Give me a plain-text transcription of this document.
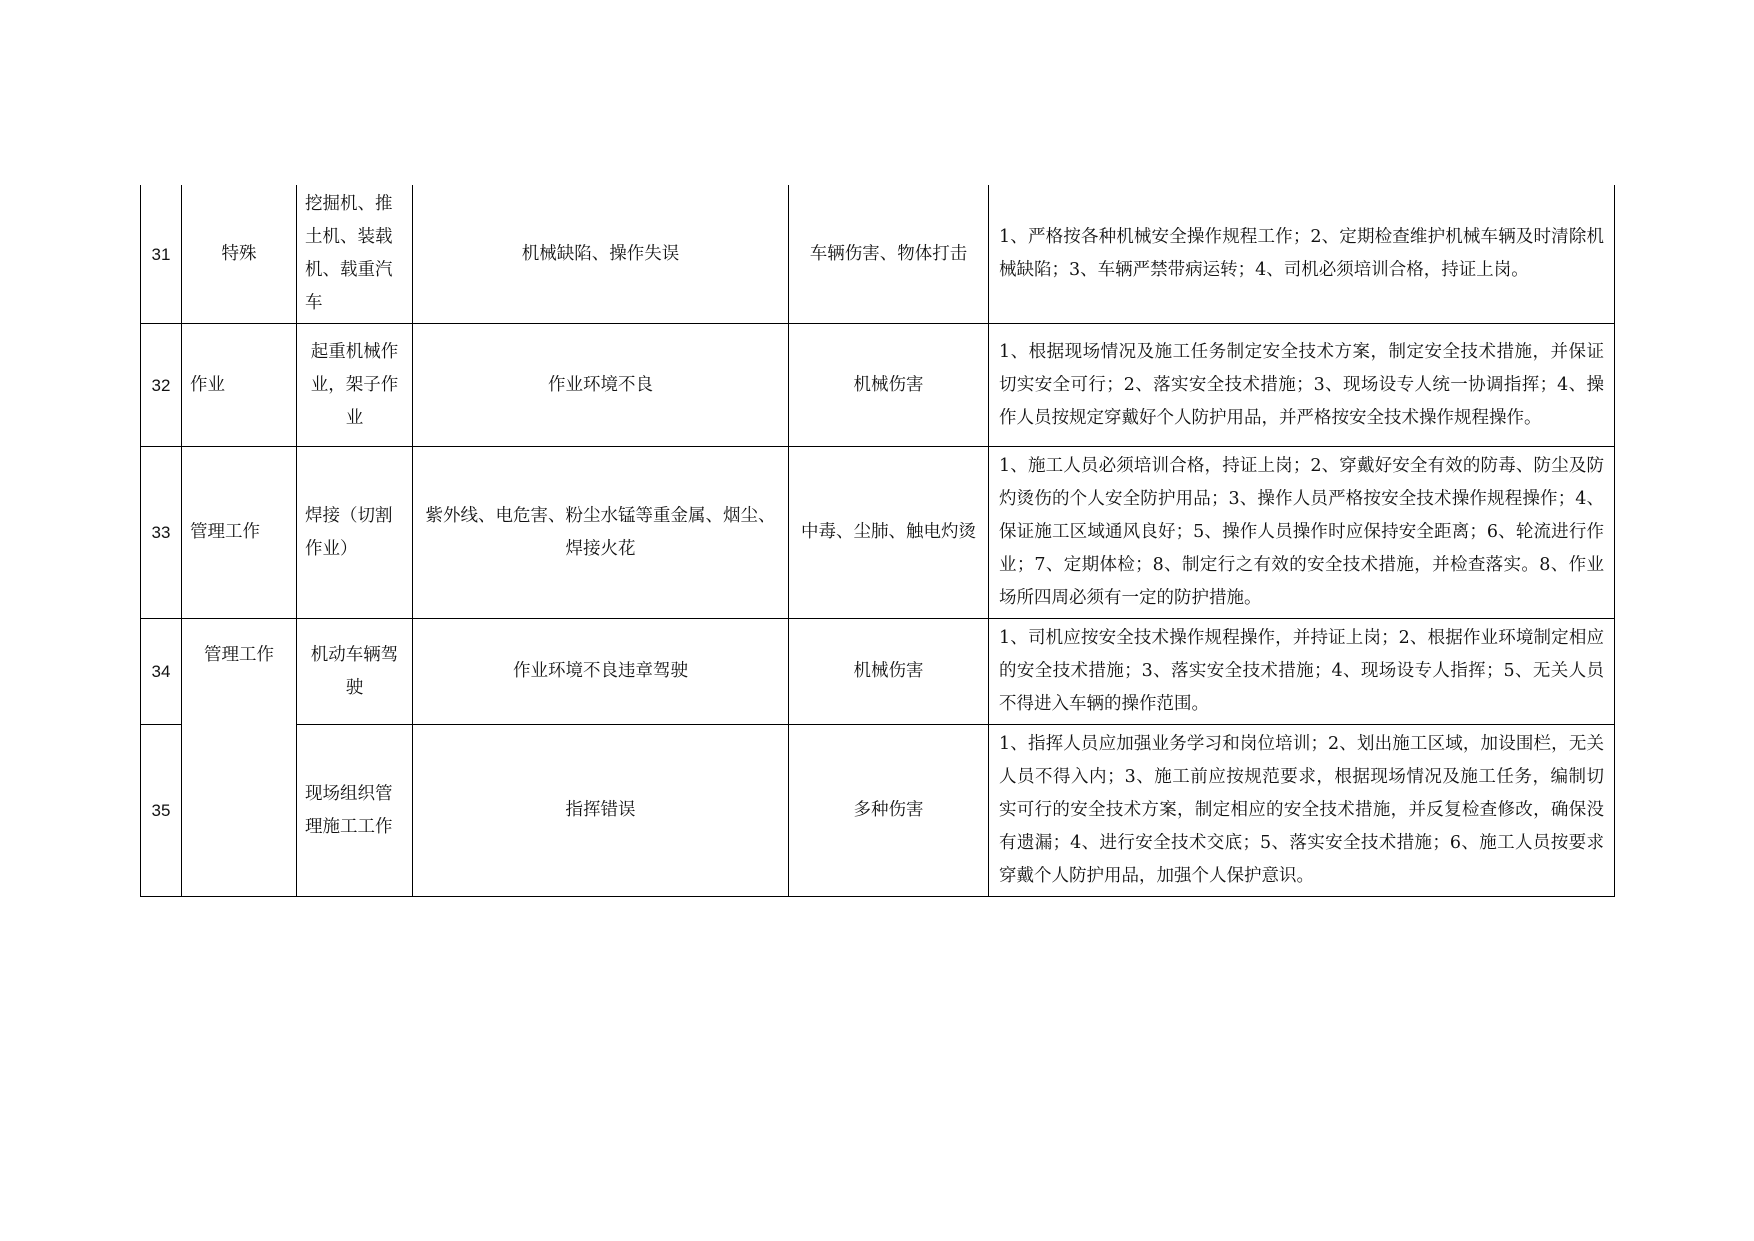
31	特殊	挖掘机、推土机、装载机、载重汽车	机械缺陷、操作失误	车辆伤害、物体打击	1、严格按各种机械安全操作规程工作；2、定期检查维护机械车辆及时清除机械缺陷；3、车辆严禁带病运转；4、司机必须培训合格，持证上岗。
32	作业	起重机械作业，架子作业	作业环境不良	机械伤害	1、根据现场情况及施工任务制定安全技术方案，制定安全技术措施，并保证切实安全可行；2、落实安全技术措施；3、现场设专人统一协调指挥；4、操作人员按规定穿戴好个人防护用品，并严格按安全技术操作规程操作。
33	管理工作	焊接（切割作业）	紫外线、电危害、粉尘水锰等重金属、烟尘、焊接火花	中毒、尘肺、触电灼烫	1、施工人员必须培训合格，持证上岗；2、穿戴好安全有效的防毒、防尘及防灼烫伤的个人安全防护用品；3、操作人员严格按安全技术操作规程操作；4、保证施工区域通风良好；5、操作人员操作时应保持安全距离；6、轮流进行作业；7、定期体检；8、制定行之有效的安全技术措施，并检查落实。8、作业场所四周必须有一定的防护措施。
34	管理工作	机动车辆驾驶	作业环境不良违章驾驶	机械伤害	1、司机应按安全技术操作规程操作，并持证上岗；2、根据作业环境制定相应的安全技术措施；3、落实安全技术措施；4、现场设专人指挥；5、无关人员不得进入车辆的操作范围。
35		现场组织管理施工工作	指挥错误	多种伤害	1、指挥人员应加强业务学习和岗位培训；2、划出施工区域，加设围栏，无关人员不得入内；3、施工前应按规范要求，根据现场情况及施工任务，编制切实可行的安全技术方案，制定相应的安全技术措施，并反复检查修改，确保没有遗漏；4、进行安全技术交底；5、落实安全技术措施；6、施工人员按要求穿戴个人防护用品，加强个人保护意识。
